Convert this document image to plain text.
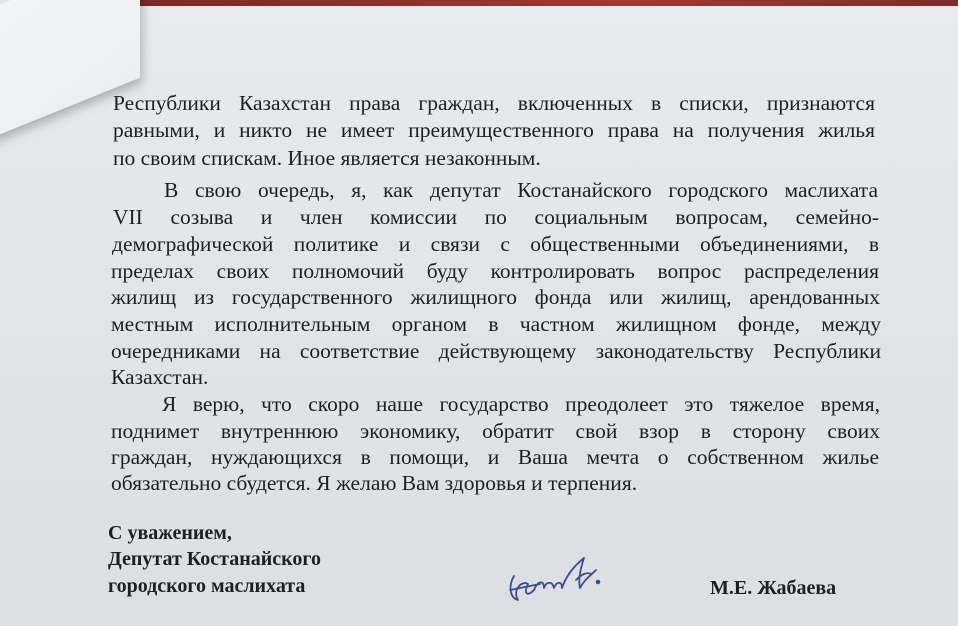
Республики Казахстан права граждан, включенных в списки, признаются

равными, и никто не имеет преимущественного права на получения жилья

по своим спискам. Иное является незаконным.

В свою очередь, я, как депутат Костанайского городского маслихата

VII созыва и член комиссии по социальным вопросам, семейно-

демографической политике и связи с общественными объединениями, в

пределах своих полномочий буду контролировать вопрос распределения

жилищ из государственного жилищного фонда или жилищ, арендованных

местным исполнительным органом в частном жилищном фонде, между

очередниками на соответствие действующему законодательству Республики

Казахстан.

Я верю, что скоро наше государство преодолеет это тяжелое время,

поднимет внутреннюю экономику, обратит свой взор в сторону своих

граждан, нуждающихся в помощи, и Ваша мечта о собственном жилье

обязательно сбудется. Я желаю Вам здоровья и терпения.

С уважением,

Депутат Костанайского

городского маслихата	М.Е. Жабаева
